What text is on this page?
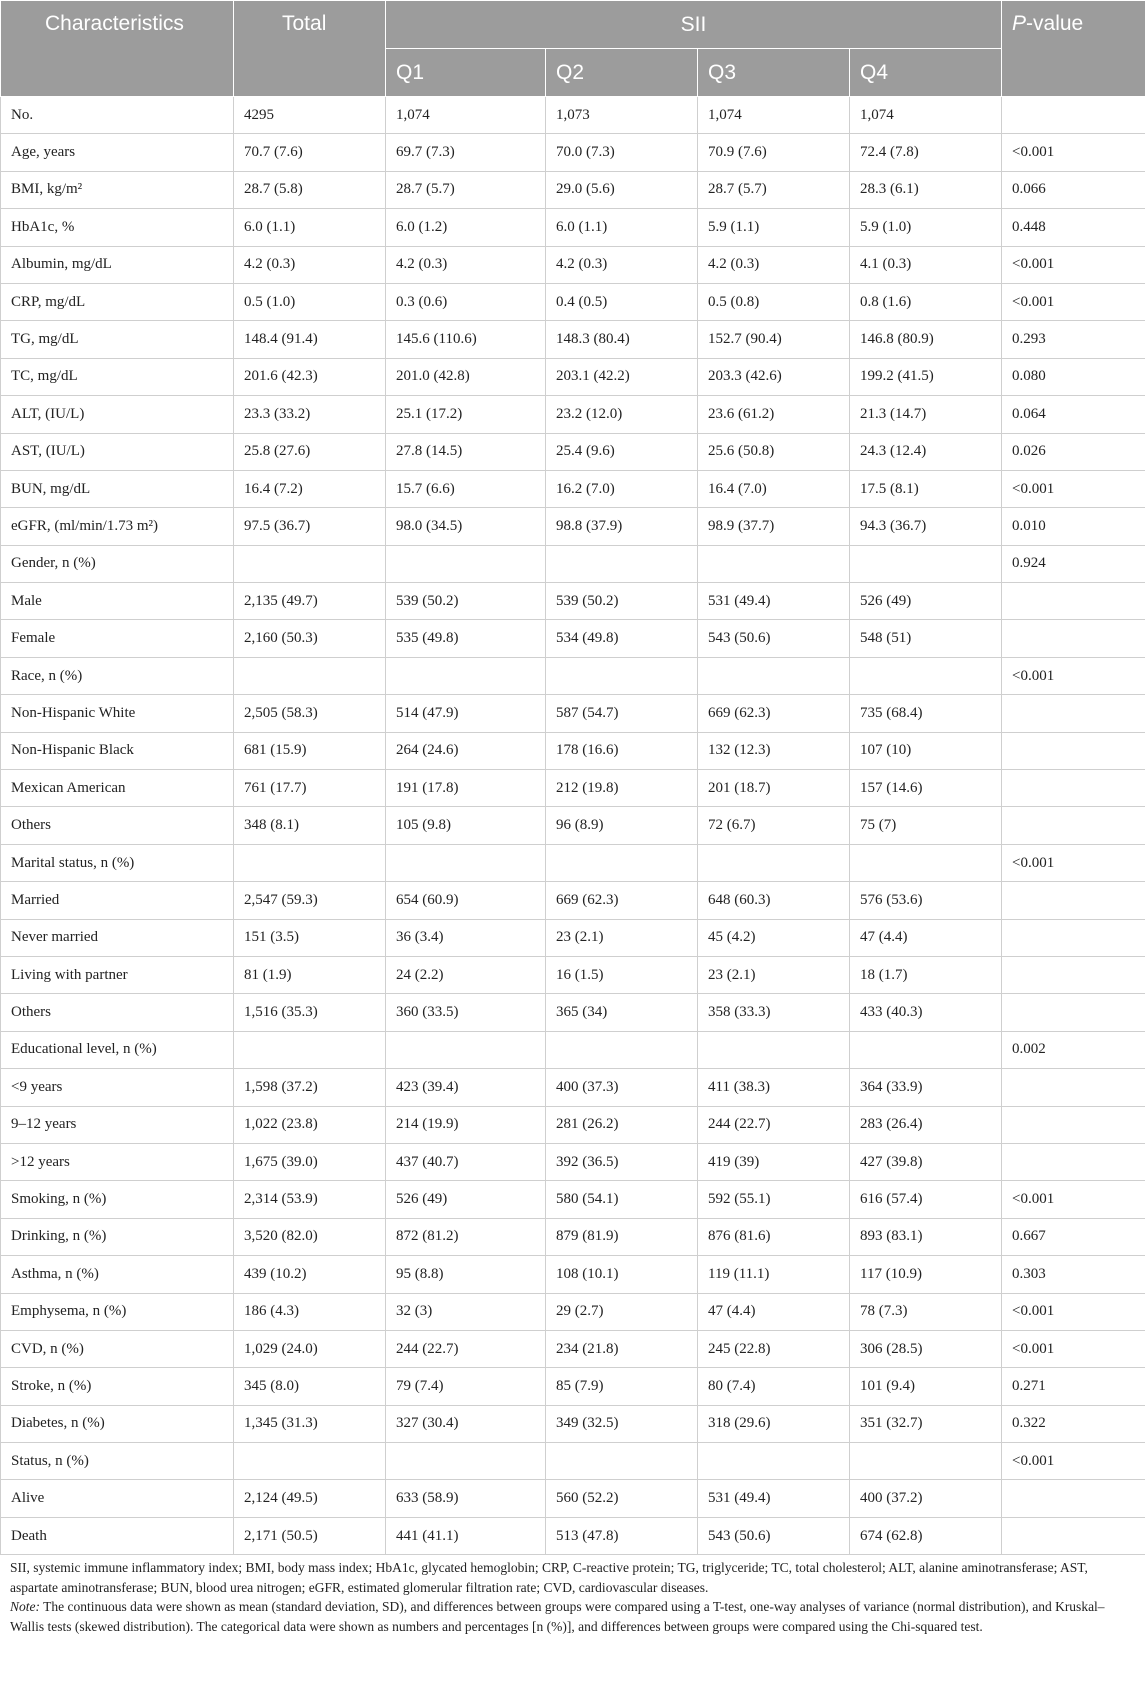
Characteristics	Total	SII				P-value
		Q1	Q2	Q3	Q4	
No.	4295	1,074	1,073	1,074	1,074	
Age, years	70.7 (7.6)	69.7 (7.3)	70.0 (7.3)	70.9 (7.6)	72.4 (7.8)	<0.001
BMI, kg/m²	28.7 (5.8)	28.7 (5.7)	29.0 (5.6)	28.7 (5.7)	28.3 (6.1)	0.066
HbA1c, %	6.0 (1.1)	6.0 (1.2)	6.0 (1.1)	5.9 (1.1)	5.9 (1.0)	0.448
Albumin, mg/dL	4.2 (0.3)	4.2 (0.3)	4.2 (0.3)	4.2 (0.3)	4.1 (0.3)	<0.001
CRP, mg/dL	0.5 (1.0)	0.3 (0.6)	0.4 (0.5)	0.5 (0.8)	0.8 (1.6)	<0.001
TG, mg/dL	148.4 (91.4)	145.6 (110.6)	148.3 (80.4)	152.7 (90.4)	146.8 (80.9)	0.293
TC, mg/dL	201.6 (42.3)	201.0 (42.8)	203.1 (42.2)	203.3 (42.6)	199.2 (41.5)	0.080
ALT, (IU/L)	23.3 (33.2)	25.1 (17.2)	23.2 (12.0)	23.6 (61.2)	21.3 (14.7)	0.064
AST, (IU/L)	25.8 (27.6)	27.8 (14.5)	25.4 (9.6)	25.6 (50.8)	24.3 (12.4)	0.026
BUN, mg/dL	16.4 (7.2)	15.7 (6.6)	16.2 (7.0)	16.4 (7.0)	17.5 (8.1)	<0.001
eGFR, (ml/min/1.73 m²)	97.5 (36.7)	98.0 (34.5)	98.8 (37.9)	98.9 (37.7)	94.3 (36.7)	0.010
Gender, n (%)						0.924
Male	2,135 (49.7)	539 (50.2)	539 (50.2)	531 (49.4)	526 (49)	
Female	2,160 (50.3)	535 (49.8)	534 (49.8)	543 (50.6)	548 (51)	
Race, n (%)						<0.001
Non-Hispanic White	2,505 (58.3)	514 (47.9)	587 (54.7)	669 (62.3)	735 (68.4)	
Non-Hispanic Black	681 (15.9)	264 (24.6)	178 (16.6)	132 (12.3)	107 (10)	
Mexican American	761 (17.7)	191 (17.8)	212 (19.8)	201 (18.7)	157 (14.6)	
Others	348 (8.1)	105 (9.8)	96 (8.9)	72 (6.7)	75 (7)	
Marital status, n (%)						<0.001
Married	2,547 (59.3)	654 (60.9)	669 (62.3)	648 (60.3)	576 (53.6)	
Never married	151 (3.5)	36 (3.4)	23 (2.1)	45 (4.2)	47 (4.4)	
Living with partner	81 (1.9)	24 (2.2)	16 (1.5)	23 (2.1)	18 (1.7)	
Others	1,516 (35.3)	360 (33.5)	365 (34)	358 (33.3)	433 (40.3)	
Educational level, n (%)						0.002
<9 years	1,598 (37.2)	423 (39.4)	400 (37.3)	411 (38.3)	364 (33.9)	
9–12 years	1,022 (23.8)	214 (19.9)	281 (26.2)	244 (22.7)	283 (26.4)	
>12 years	1,675 (39.0)	437 (40.7)	392 (36.5)	419 (39)	427 (39.8)	
Smoking, n (%)	2,314 (53.9)	526 (49)	580 (54.1)	592 (55.1)	616 (57.4)	<0.001
Drinking, n (%)	3,520 (82.0)	872 (81.2)	879 (81.9)	876 (81.6)	893 (83.1)	0.667
Asthma, n (%)	439 (10.2)	95 (8.8)	108 (10.1)	119 (11.1)	117 (10.9)	0.303
Emphysema, n (%)	186 (4.3)	32 (3)	29 (2.7)	47 (4.4)	78 (7.3)	<0.001
CVD, n (%)	1,029 (24.0)	244 (22.7)	234 (21.8)	245 (22.8)	306 (28.5)	<0.001
Stroke, n (%)	345 (8.0)	79 (7.4)	85 (7.9)	80 (7.4)	101 (9.4)	0.271
Diabetes, n (%)	1,345 (31.3)	327 (30.4)	349 (32.5)	318 (29.6)	351 (32.7)	0.322
Status, n (%)						<0.001
Alive	2,124 (49.5)	633 (58.9)	560 (52.2)	531 (49.4)	400 (37.2)	
Death	2,171 (50.5)	441 (41.1)	513 (47.8)	543 (50.6)	674 (62.8)	

SII, systemic immune inflammatory index; BMI, body mass index; HbA1c, glycated hemoglobin; CRP, C-reactive protein; TG, triglyceride; TC, total cholesterol; ALT, alanine aminotransferase; AST, aspartate aminotransferase; BUN, blood urea nitrogen; eGFR, estimated glomerular filtration rate; CVD, cardiovascular diseases.

Note: The continuous data were shown as mean (standard deviation, SD), and differences between groups were compared using a T-test, one-way analyses of variance (normal distribution), and Kruskal–Wallis tests (skewed distribution). The categorical data were shown as numbers and percentages [n (%)], and differences between groups were compared using the Chi-squared test.
